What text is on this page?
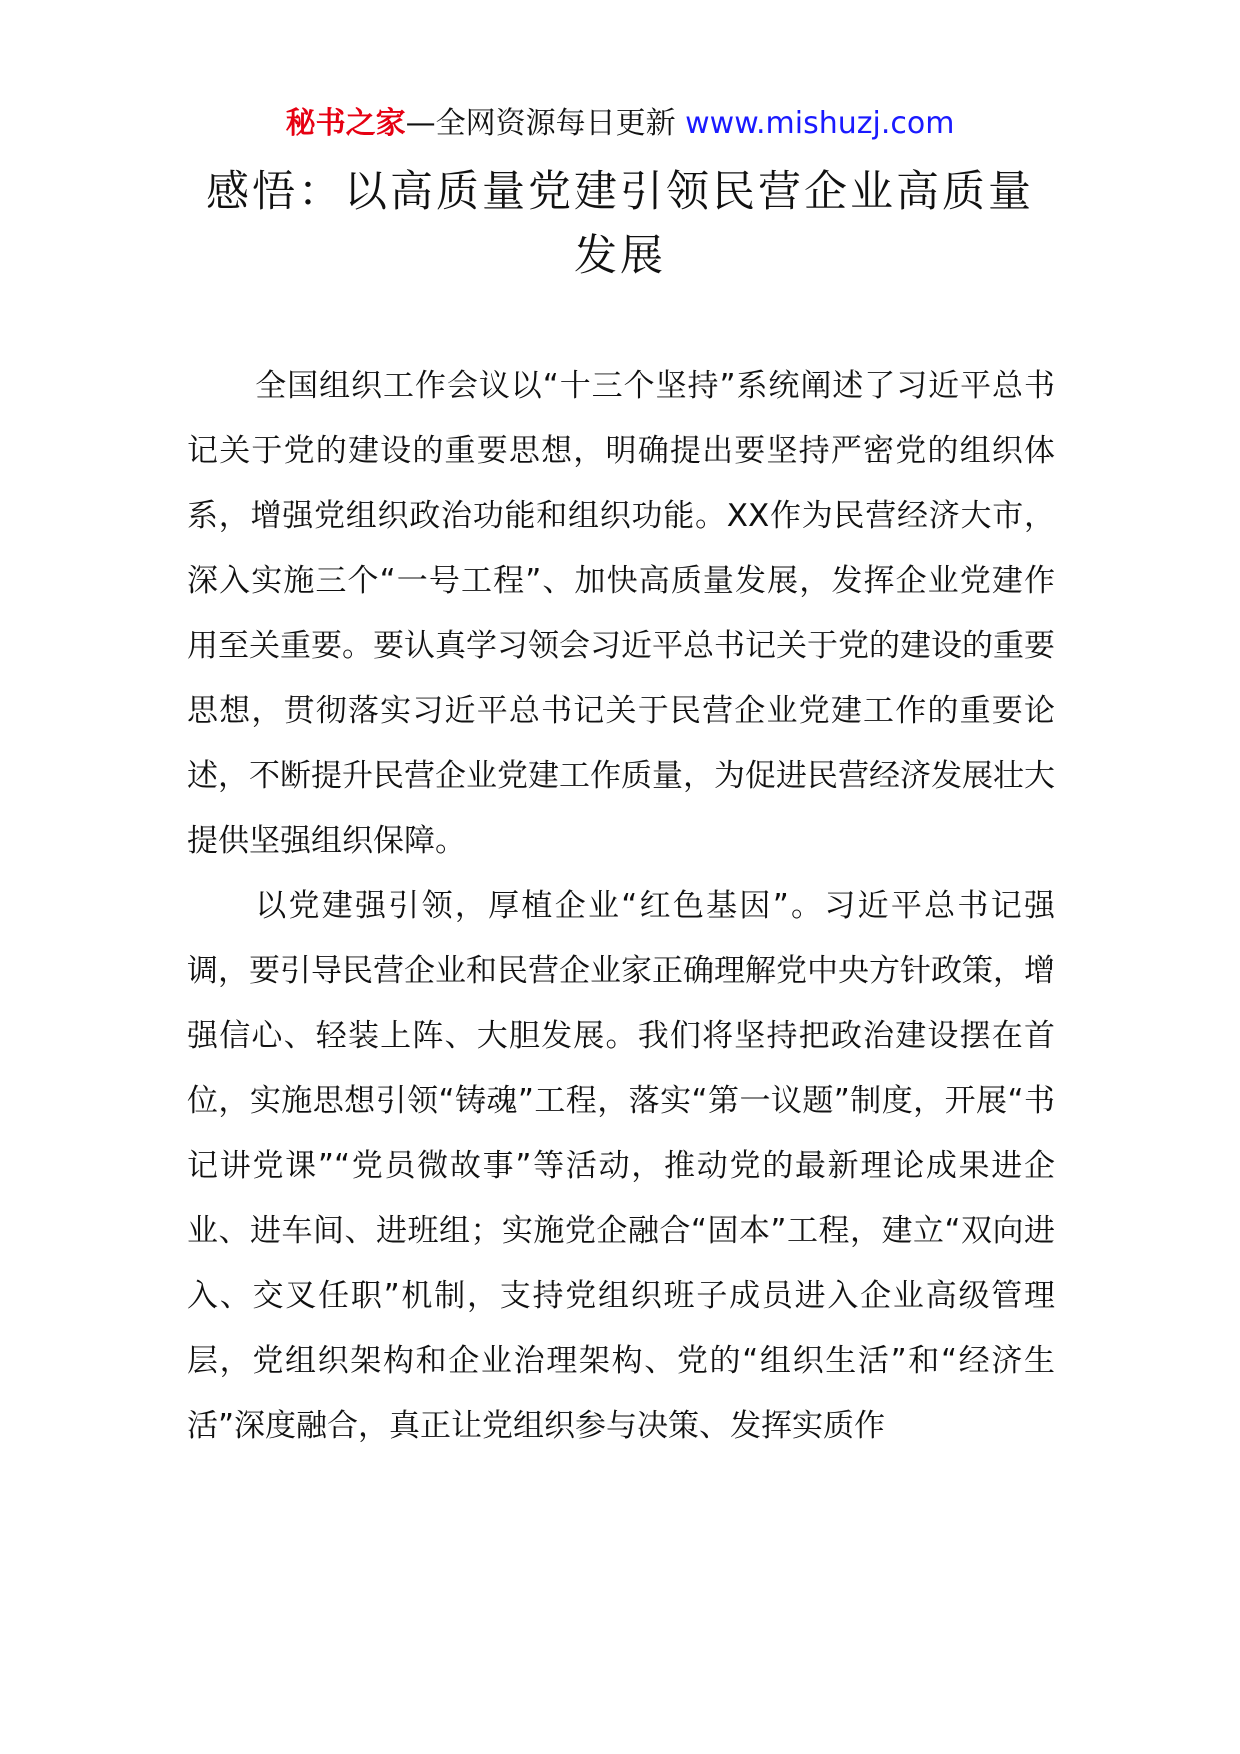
秘书之家—全网资源每日更新 www.mishuzj.com
感悟：以高质量党建引领民营企业高质量发展

全国组织工作会议以“十三个坚持”系统阐述了习近平总书记关于党的建设的重要思想，明确提出要坚持严密党的组织体系，增强党组织政治功能和组织功能。XX作为民营经济大市，深入实施三个“一号工程”、加快高质量发展，发挥企业党建作用至关重要。要认真学习领会习近平总书记关于党的建设的重要思想，贯彻落实习近平总书记关于民营企业党建工作的重要论述，不断提升民营企业党建工作质量，为促进民营经济发展壮大提供坚强组织保障。

以党建强引领，厚植企业“红色基因”。习近平总书记强调，要引导民营企业和民营企业家正确理解党中央方针政策，增强信心、轻装上阵、大胆发展。我们将坚持把政治建设摆在首位，实施思想引领“铸魂”工程，落实“第一议题”制度，开展“书记讲党课”“党员微故事”等活动，推动党的最新理论成果进企业、进车间、进班组；实施党企融合“固本”工程，建立“双向进入、交叉任职”机制，支持党组织班子成员进入企业高级管理层，党组织架构和企业治理架构、党的“组织生活”和“经济生活”深度融合，真正让党组织参与决策、发挥实质作
